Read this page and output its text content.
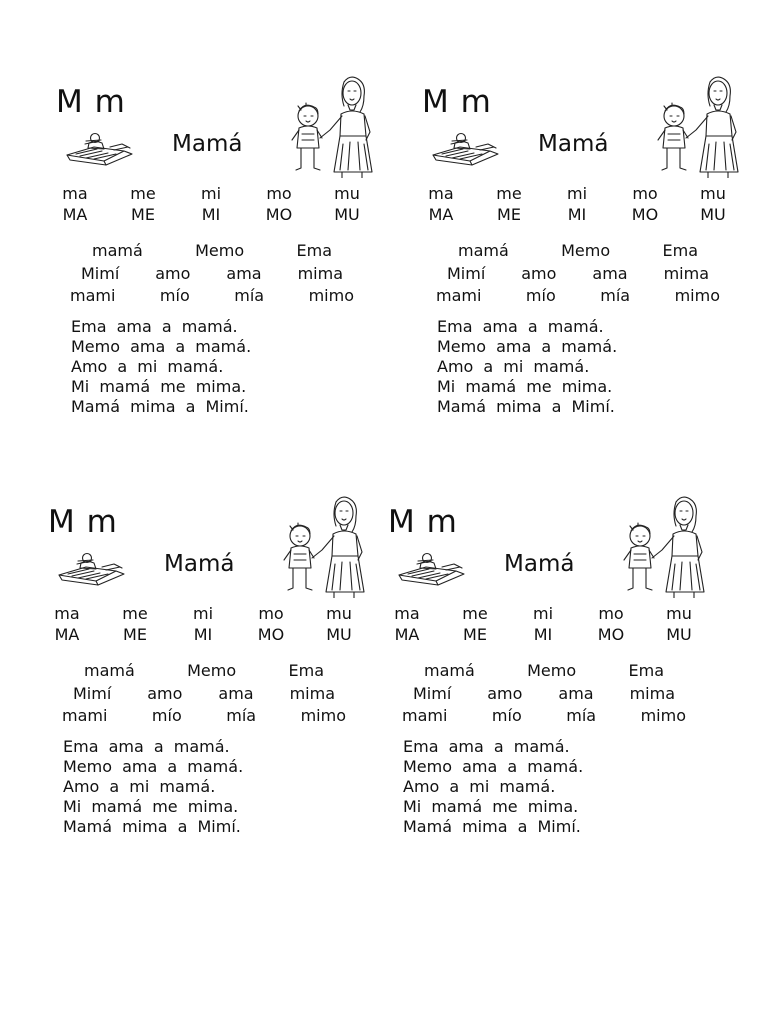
M m
Mamá
ma	me	mi	mo	mu
MA	ME	MI	MO	MU
mamá	Memo	Ema
Mimí amo ama mima
mami	mío	mía	mimo
Ema ama a mamá.
Memo ama a mamá.
Amo a mi mamá.
Mi mamá me mima.
Mamá mima a Mimí.
M m
Mamá
ma	me	mi	mo	mu
MA	ME	MI	MO	MU
mamá	Memo	Ema
Mimí amo ama mima
mami	mío	mía	mimo
Ema ama a mamá.
Memo ama a mamá.
Amo a mi mamá.
Mi mamá me mima.
Mamá mima a Mimí.
M m
Mamá
ma	me	mi	mo	mu
MA	ME	MI	MO	MU
mamá	Memo	Ema
Mimí amo ama mima
mami	mío	mía	mimo
Ema ama a mamá.
Memo ama a mamá.
Amo a mi mamá.
Mi mamá me mima.
Mamá mima a Mimí.
M m
Mamá
ma	me	mi	mo	mu
MA	ME	MI	MO	MU
mamá	Memo	Ema
Mimí amo ama mima
mami	mío	mía	mimo
Ema ama a mamá.
Memo ama a mamá.
Amo a mi mamá.
Mi mamá me mima.
Mamá mima a Mimí.
